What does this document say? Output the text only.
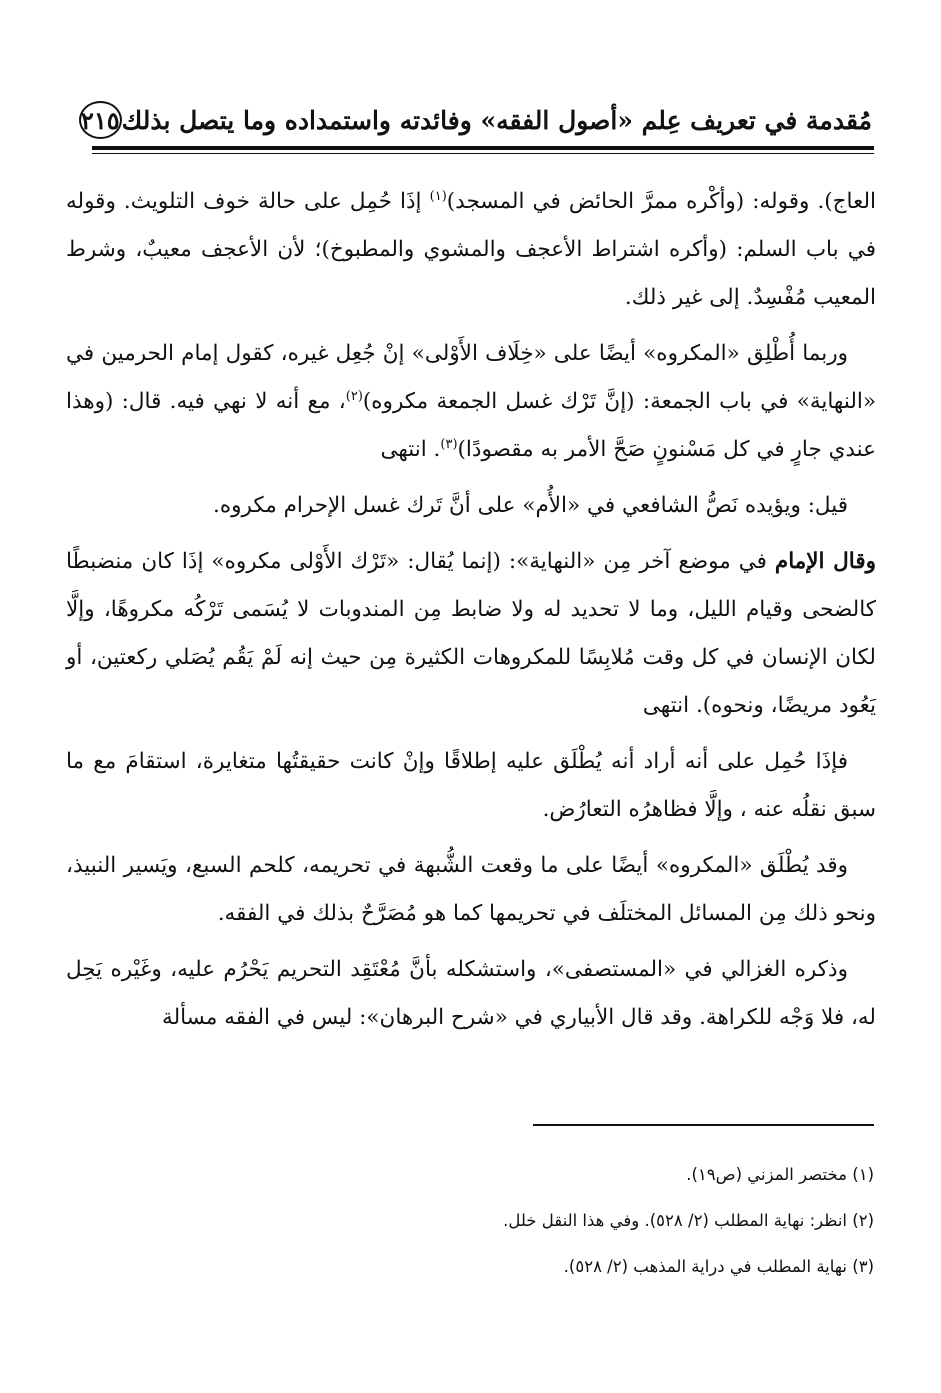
مُقدمة في تعريف عِلم «أصول الفقه» وفائدته واستمداده وما يتصل بذلك
٢١٥

العاج). وقوله: (وأكْره ممرَّ الحائض في المسجد)$^{(١)}$ إذَا حُمِل على حالة خوف التلويث. وقوله في باب السلم: (وأكره اشتراط الأعجف والمشوي والمطبوخ)؛ لأن الأعجف معيبٌ، وشرط المعيب مُفْسِدٌ. إلى غير ذلك.

وربما أُطْلِق «المكروه» أيضًا على «خِلَاف الأَوْلى» إنْ جُعِل غيره، كقول إمام الحرمين في «النهاية» في باب الجمعة: (إنَّ تَرْك غسل الجمعة مكروه)$^{(٢)}$، مع أنه لا نهي فيه. قال: (وهذا عندي جارٍ في كل مَسْنونٍ صَحَّ الأمر به مقصودًا)$^{(٣)}$. انتهى

قيل: ويؤيده نَصُّ الشافعي في «الأُم» على أنَّ تَرك غسل الإحرام مكروه.

وقال الإمام في موضع آخر مِن «النهاية»: (إنما يُقال: «تَرْك الأَوْلى مكروه» إذَا كان منضبطًا كالضحى وقيام الليل، وما لا تحديد له ولا ضابط مِن المندوبات لا يُسَمى تَرْكُه مكروهًا، وإلَّا لكان الإنسان في كل وقت مُلابِسًا للمكروهات الكثيرة مِن حيث إنه لَمْ يَقُم يُصَلي ركعتين، أو يَعُود مريضًا، ونحوه). انتهى

فإذَا حُمِل على أنه أراد أنه يُطْلَق عليه إطلاقًا وإنْ كانت حقيقتُها متغايرة، استقامَ مع ما سبق نقلُه عنه ، وإلَّا فظاهرُه التعارُض.

وقد يُطْلَق «المكروه» أيضًا على ما وقعت الشُّبهة في تحريمه، كلحم السبع، ويَسير النبيذ، ونحو ذلك مِن المسائل المختلَف في تحريمها كما هو مُصَرَّحٌ بذلك في الفقه.

وذكره الغزالي في «المستصفى»، واستشكله بأنَّ مُعْتَقِد التحريم يَحْرُم عليه، وغَيْره يَحِل له، فلا وَجْه للكراهة. وقد قال الأبياري في «شرح البرهان»: ليس في الفقه مسألة

(١) مختصر المزني (ص١٩).
(٢) انظر: نهاية المطلب (٢/ ٥٢٨). وفي هذا النقل خلل.
(٣) نهاية المطلب في دراية المذهب (٢/ ٥٢٨).
